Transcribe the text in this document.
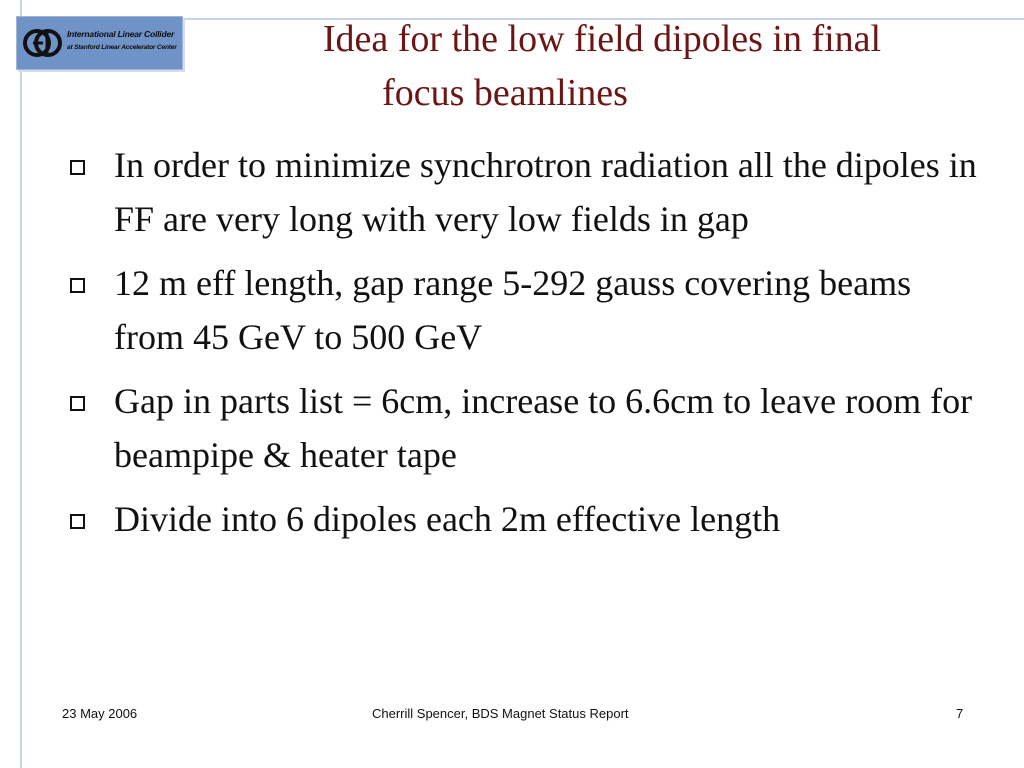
International Linear Collider
at Stanford Linear Accelerator Center	Idea for the low field dipoles in final
focus beamlines
In order to minimize synchrotron radiation all the dipoles in FF are very long with very low fields in gap
12 m eff length, gap range 5-292 gauss covering beams from 45 GeV to 500 GeV
Gap in parts list = 6cm, increase to 6.6cm to leave room for beampipe & heater tape
Divide into 6 dipoles each 2m effective length
23 May 2006	Cherrill Spencer, BDS Magnet Status Report	7
